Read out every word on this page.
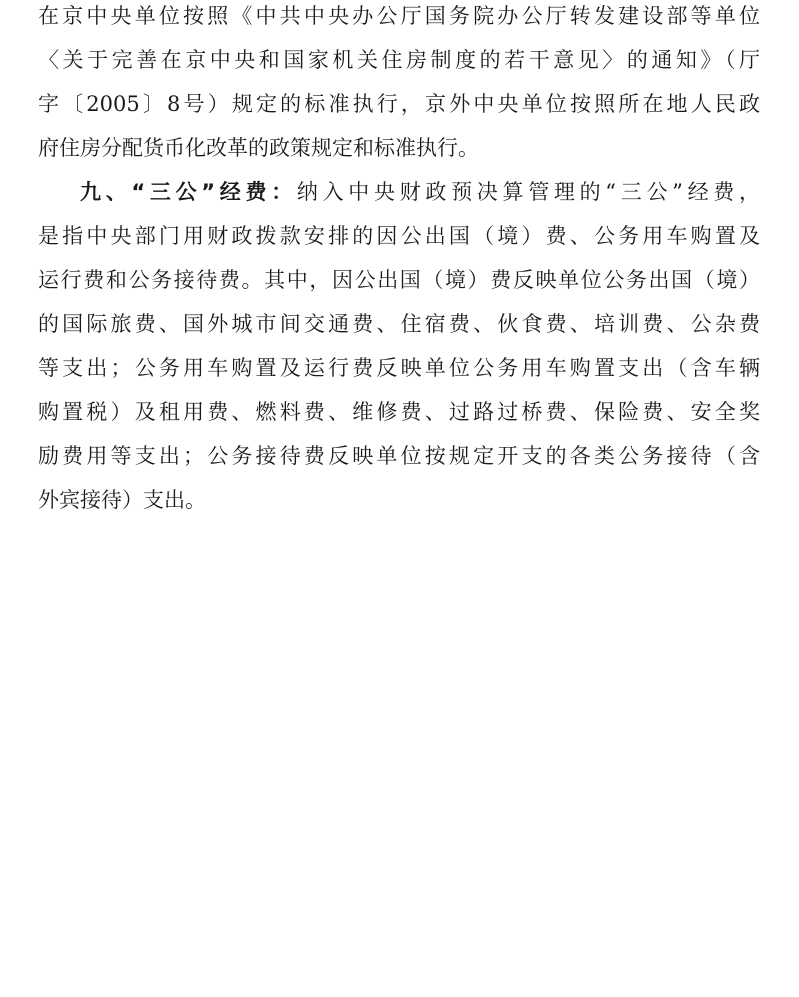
在京中央单位按照《中共中央办公厅国务院办公厅转发建设部等单位
〈关于完善在京中央和国家机关住房制度的若干意见〉的通知》（厅
字〔2005〕8号）规定的标准执行，京外中央单位按照所在地人民政
府住房分配货币化改革的政策规定和标准执行。
九、“三公”经费：纳入中央财政预决算管理的“三公”经费，
是指中央部门用财政拨款安排的因公出国（境）费、公务用车购置及
运行费和公务接待费。其中，因公出国（境）费反映单位公务出国（境）
的国际旅费、国外城市间交通费、住宿费、伙食费、培训费、公杂费
等支出；公务用车购置及运行费反映单位公务用车购置支出（含车辆
购置税）及租用费、燃料费、维修费、过路过桥费、保险费、安全奖
励费用等支出；公务接待费反映单位按规定开支的各类公务接待（含
外宾接待）支出。
